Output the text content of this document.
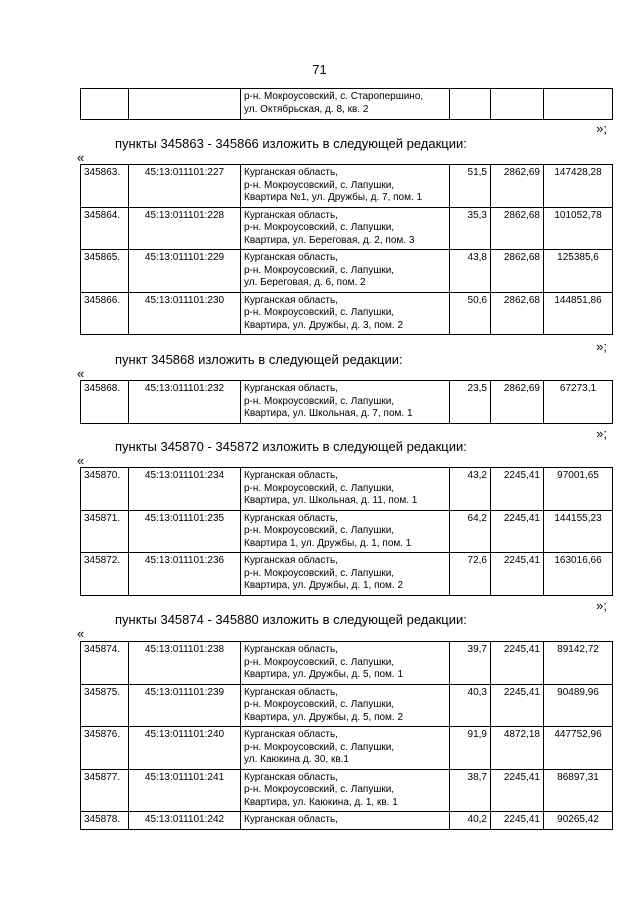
71

р-н. Мокроусовский, с. Старопершино,
ул. Октябрьская, д. 8, кв. 2

»;
пункты 345863 - 345866 изложить в следующей редакции:
«
345863.	45:13:011101:227	Курганская область,
р-н. Мокроусовский, с. Лапушки,
Квартира №1, ул. Дружбы, д. 7, пом. 1	51,5	2862,69	147428,28
345864.	45:13:011101:228	Курганская область,
р-н. Мокроусовский, с. Лапушки,
Квартира, ул. Береговая, д. 2, пом. 3	35,3	2862,68	101052,78
345865.	45:13:011101:229	Курганская область,
р-н. Мокроусовский, с. Лапушки,
ул. Береговая, д. 6, пом. 2	43,8	2862,68	125385,6
345866.	45:13:011101:230	Курганская область,
р-н. Мокроусовский, с. Лапушки,
Квартира, ул. Дружбы, д. 3, пом. 2	50,6	2862,68	144851,86
»;
пункт 345868 изложить в следующей редакции:
«
345868.	45:13:011101:232	Курганская область,
р-н. Мокроусовский, с. Лапушки,
Квартира, ул. Школьная, д. 7, пом. 1
	23,5	2862,69	67273,1
»;
пункты 345870 - 345872 изложить в следующей редакции:
«
345870.	45:13:011101:234	Курганская область,
р-н. Мокроусовский, с. Лапушки,
Квартира, ул. Школьная, д. 11, пом. 1	43,2	2245,41	97001,65
345871.	45:13:011101:235	Курганская область,
р-н. Мокроусовский, с. Лапушки,
Квартира 1, ул. Дружбы, д. 1, пом. 1	64,2	2245,41	144155,23
345872.	45:13:011101:236	Курганская область,
р-н. Мокроусовский, с. Лапушки,
Квартира, ул. Дружбы, д. 1, пом. 2	72,6	2245,41	163016,66
»;
пункты 345874 - 345880 изложить в следующей редакции:
«
345874.	45:13:011101:238	Курганская область,
р-н. Мокроусовский, с. Лапушки,
Квартира, ул. Дружбы, д. 5, пом. 1	39,7	2245,41	89142,72
345875.	45:13:011101:239	Курганская область,
р-н. Мокроусовский, с. Лапушки,
Квартира, ул. Дружбы, д. 5, пом. 2	40,3	2245,41	90489,96
345876.	45:13:011101:240	Курганская область,
р-н. Мокроусовский, с. Лапушки,
ул. Каюкина д. 30, кв.1	91,9	4872,18	447752,96
345877.	45:13:011101:241	Курганская область,
р-н. Мокроусовский, с. Лапушки,
Квартира, ул. Каюкина, д. 1, кв. 1	38,7	2245,41	86897,31
345878.	45:13:011101:242	Курганская область,	40,2	2245,41	90265,42
